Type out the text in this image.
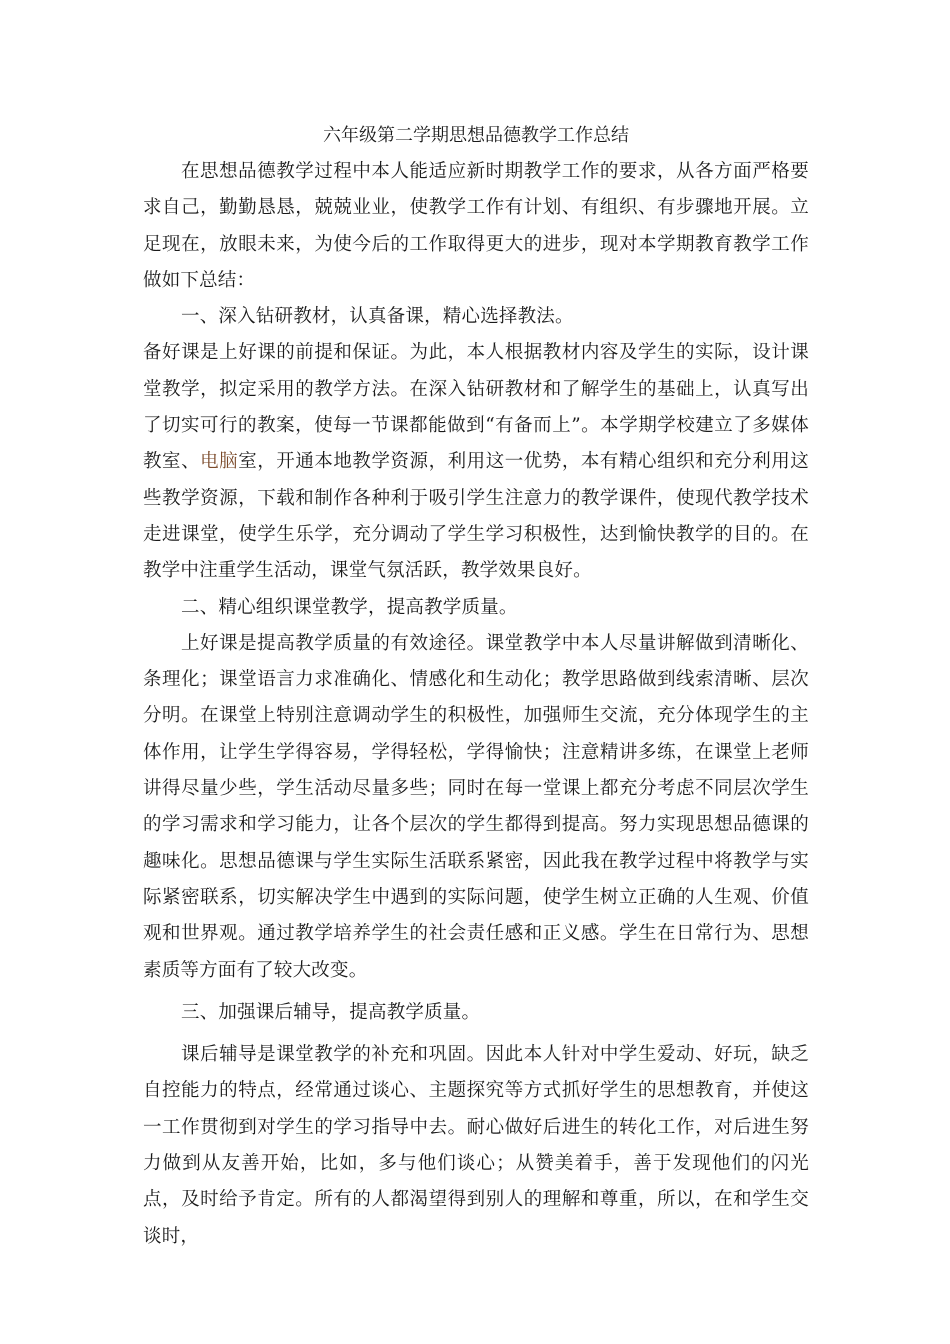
六年级第二学期思想品德教学工作总结

在思想品德教学过程中本人能适应新时期教学工作的要求，从各方面严格要求自己，勤勤恳恳，兢兢业业，使教学工作有计划、有组织、有步骤地开展。立足现在，放眼未来，为使今后的工作取得更大的进步，现对本学期教育教学工作做如下总结：

一、深入钻研教材，认真备课，精心选择教法。

备好课是上好课的前提和保证。为此，本人根据教材内容及学生的实际，设计课堂教学，拟定采用的教学方法。在深入钻研教材和了解学生的基础上，认真写出了切实可行的教案，使每一节课都能做到“有备而上”。本学期学校建立了多媒体教室、电脑室，开通本地教学资源，利用这一优势，本有精心组织和充分利用这些教学资源，下载和制作各种利于吸引学生注意力的教学课件，使现代教学技术走进课堂，使学生乐学，充分调动了学生学习积极性，达到愉快教学的目的。在教学中注重学生活动，课堂气氛活跃，教学效果良好。

二、精心组织课堂教学，提高教学质量。

上好课是提高教学质量的有效途径。课堂教学中本人尽量讲解做到清晰化、条理化；课堂语言力求准确化、情感化和生动化；教学思路做到线索清晰、层次分明。在课堂上特别注意调动学生的积极性，加强师生交流，充分体现学生的主体作用，让学生学得容易，学得轻松，学得愉快；注意精讲多练，在课堂上老师讲得尽量少些，学生活动尽量多些；同时在每一堂课上都充分考虑不同层次学生的学习需求和学习能力，让各个层次的学生都得到提高。努力实现思想品德课的趣味化。思想品德课与学生实际生活联系紧密，因此我在教学过程中将教学与实际紧密联系，切实解决学生中遇到的实际问题，使学生树立正确的人生观、价值观和世界观。通过教学培养学生的社会责任感和正义感。学生在日常行为、思想素质等方面有了较大改变。

三、加强课后辅导，提高教学质量。

课后辅导是课堂教学的补充和巩固。因此本人针对中学生爱动、好玩，缺乏自控能力的特点，经常通过谈心、主题探究等方式抓好学生的思想教育，并使这一工作贯彻到对学生的学习指导中去。耐心做好后进生的转化工作，对后进生努力做到从友善开始，比如，多与他们谈心；从赞美着手，善于发现他们的闪光点，及时给予肯定。所有的人都渴望得到别人的理解和尊重，所以，在和学生交谈时，
